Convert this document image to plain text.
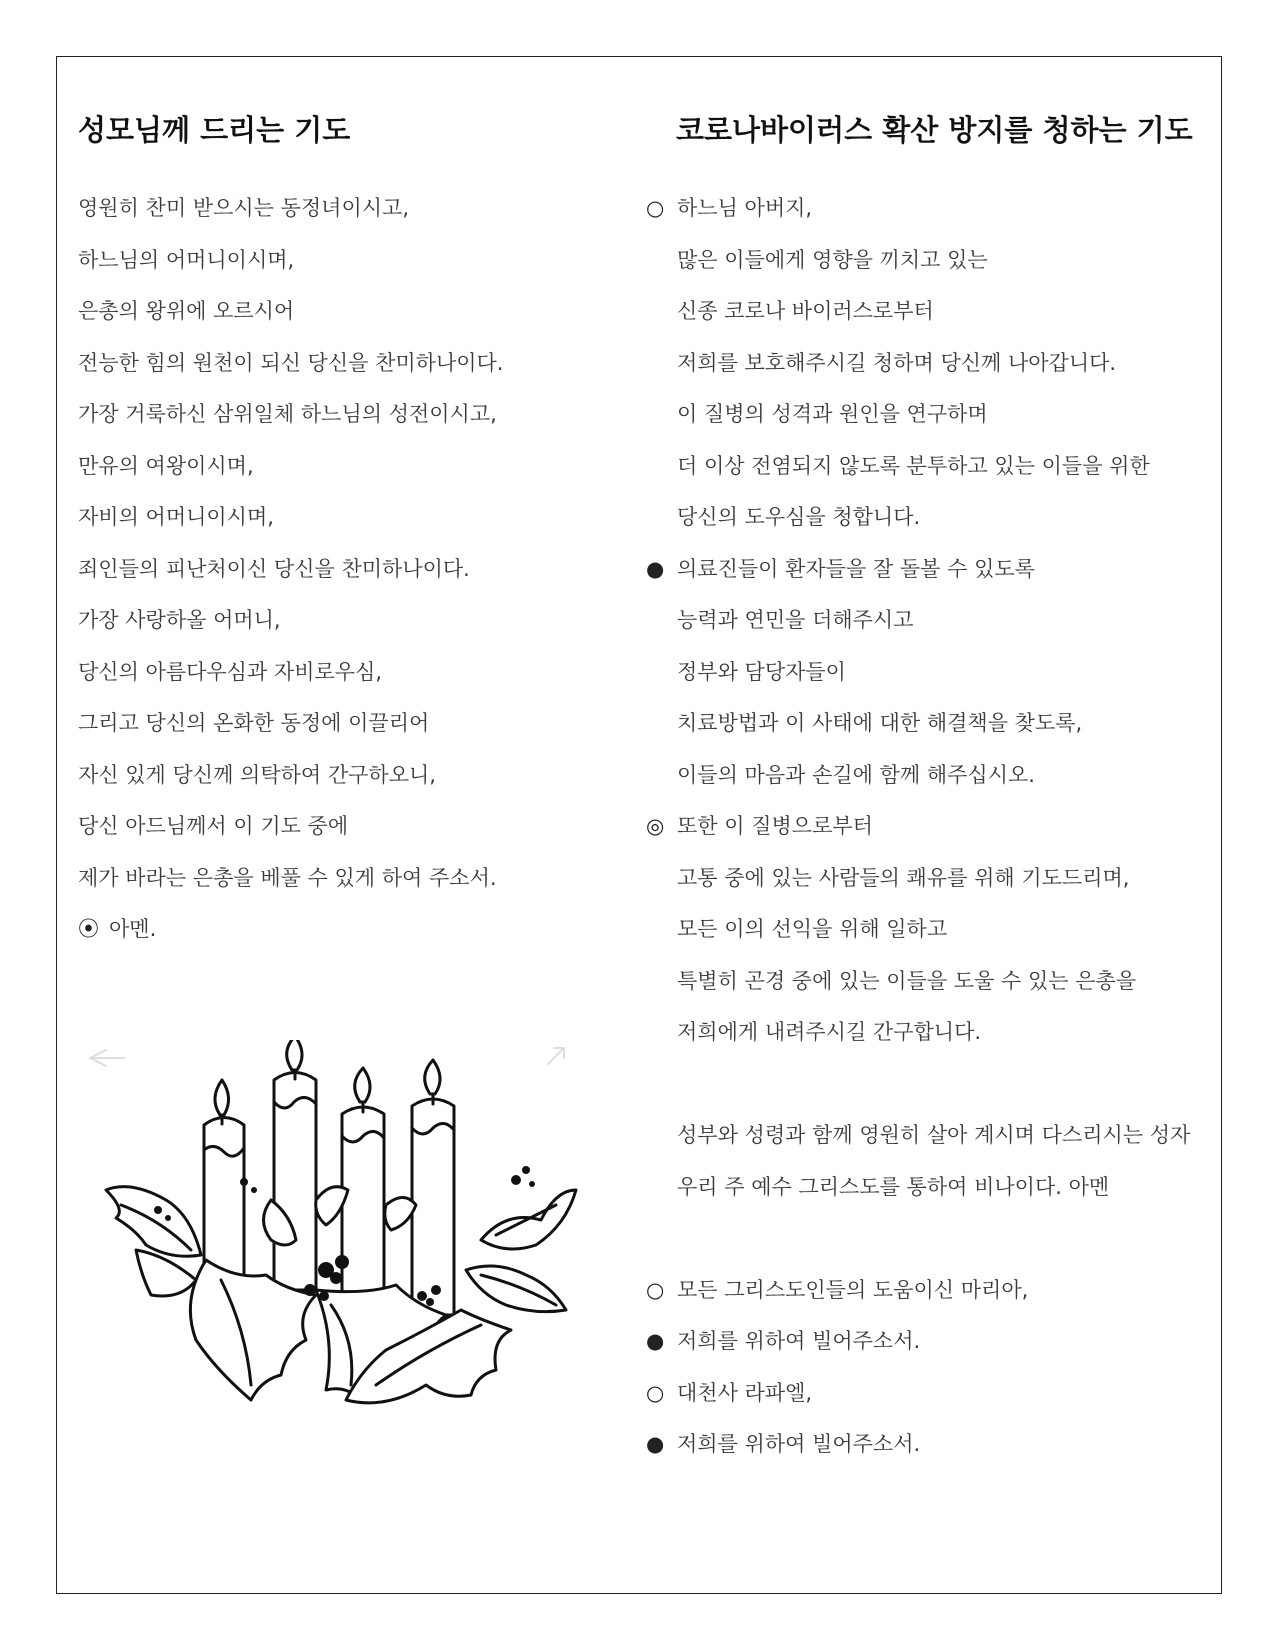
성모님께 드리는 기도	코로나바이러스 확산 방지를 청하는 기도
영원히 찬미 받으시는 동정녀이시고,
하느님의 어머니이시며,
은총의 왕위에 오르시어
전능한 힘의 원천이 되신 당신을 찬미하나이다.
가장 거룩하신 삼위일체 하느님의 성전이시고,
만유의 여왕이시며,
자비의 어머니이시며,
죄인들의 피난처이신 당신을 찬미하나이다.
가장 사랑하올 어머니,
당신의 아름다우심과 자비로우심,
그리고 당신의 온화한 동정에 이끌리어
자신 있게 당신께 의탁하여 간구하오니,
당신 아드님께서 이 기도 중에
제가 바라는 은총을 베풀 수 있게 하여 주소서.
⦿ 아멘.
○ 하느님 아버지,
많은 이들에게 영향을 끼치고 있는
신종 코로나 바이러스로부터
저희를 보호해주시길 청하며 당신께 나아갑니다.
이 질병의 성격과 원인을 연구하며
더 이상 전염되지 않도록 분투하고 있는 이들을 위한
당신의 도우심을 청합니다.
● 의료진들이 환자들을 잘 돌볼 수 있도록
능력과 연민을 더해주시고
정부와 담당자들이
치료방법과 이 사태에 대한 해결책을 찾도록,
이들의 마음과 손길에 함께 해주십시오.
◎ 또한 이 질병으로부터
고통 중에 있는 사람들의 쾌유를 위해 기도드리며,
모든 이의 선익을 위해 일하고
특별히 곤경 중에 있는 이들을 도울 수 있는 은총을
저희에게 내려주시길 간구합니다.
성부와 성령과 함께 영원히 살아 계시며 다스리시는 성자
우리 주 예수 그리스도를 통하여 비나이다. 아멘
○ 모든 그리스도인들의 도움이신 마리아,
● 저희를 위하여 빌어주소서.
○ 대천사 라파엘,
● 저희를 위하여 빌어주소서.
